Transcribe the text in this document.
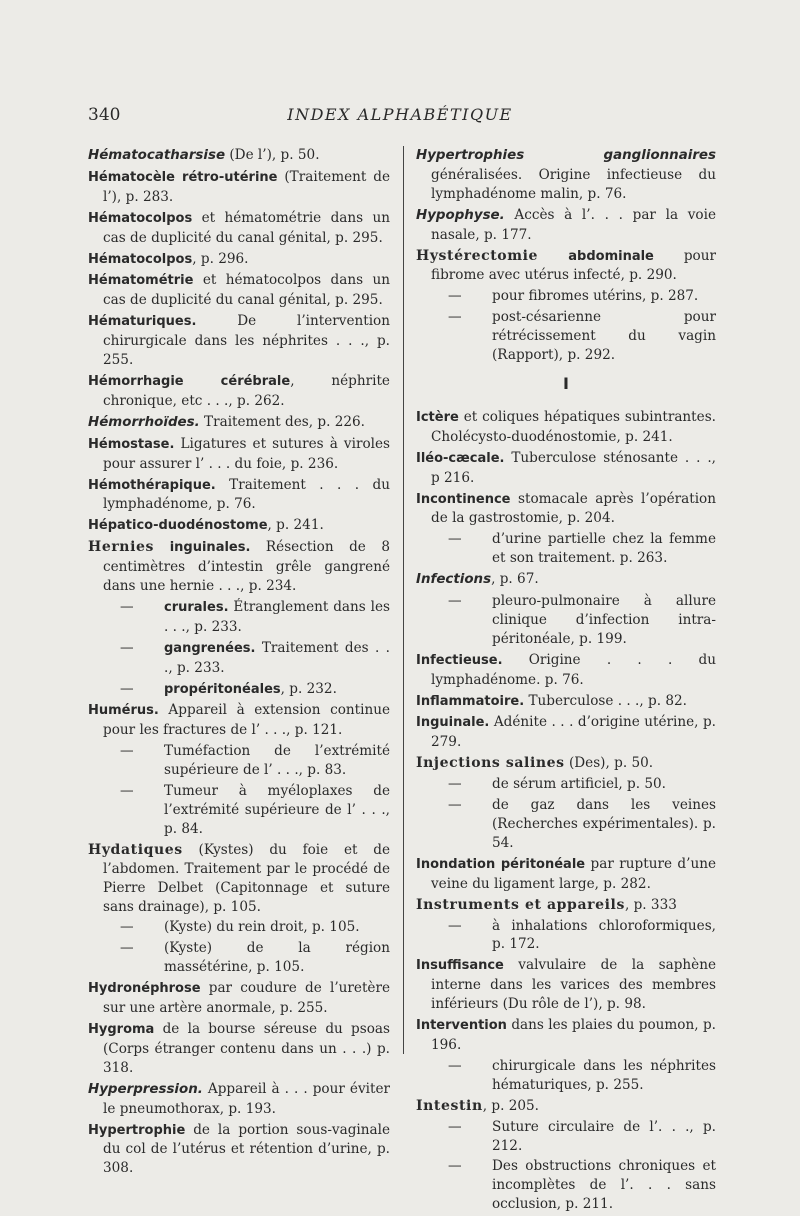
340	INDEX ALPHABÉTIQUE
Hématocatharsise (De l’), p. 50.
Hématocèle rétro-utérine (Traitement de l’), p. 283.
Hématocolpos et hématométrie dans un cas de duplicité du canal génital, p. 295.
Hématocolpos, p. 296.
Hématométrie et hématocolpos dans un cas de duplicité du canal génital, p. 295.
Hématuriques. De l’intervention chirurgicale dans les néphrites . . ., p. 255.
Hémorrhagie cérébrale, néphrite chronique, etc . . ., p. 262.
Hémorrhoïdes. Traitement des, p. 226.
Hémostase. Ligatures et sutures à viroles pour assurer l’ . . . du foie, p. 236.
Hémothérapique. Traitement . . . du lymphadénome, p. 76.
Hépatico-duodénostome, p. 241.
Hernies inguinales. Résection de 8 centimètres d’intestin grêle gangrené dans une hernie . . ., p. 234.
— crurales. Étranglement dans les . . ., p. 233.
— gangrenées. Traitement des . . ., p. 233.
— propéritonéales, p. 232.
Humérus. Appareil à extension continue pour les fractures de l’ . . ., p. 121.
— Tuméfaction de l’extrémité supérieure de l’ . . ., p. 83.
— Tumeur à myéloplaxes de l’extrémité supérieure de l’ . . ., p. 84.
Hydatiques (Kystes) du foie et de l’abdomen. Traitement par le procédé de Pierre Delbet (Capitonnage et suture sans drainage), p. 105.
— (Kyste) du rein droit, p. 105.
— (Kyste) de la région massétérine, p. 105.
Hydronéphrose par coudure de l’uretère sur une artère anormale, p. 255.
Hygroma de la bourse séreuse du psoas (Corps étranger contenu dans un . . .) p. 318.
Hyperpression. Appareil à . . . pour éviter le pneumothorax, p. 193.
Hypertrophie de la portion sous-vaginale du col de l’utérus et rétention d’urine, p. 308.
Hypertrophies ganglionnaires généralisées. Origine infectieuse du lymphadénome malin, p. 76.
Hypophyse. Accès à l’. . . par la voie nasale, p. 177.
Hystérectomie abdominale pour fibrome avec utérus infecté, p. 290.
— pour fibromes utérins, p. 287.
— post-césarienne pour rétrécissement du vagin (Rapport), p. 292.
I
Ictère et coliques hépatiques subintrantes. Cholécysto-duodénostomie, p. 241.
Iléo-cæcale. Tuberculose sténosante . . ., p 216.
Incontinence stomacale après l’opération de la gastrostomie, p. 204.
— d’urine partielle chez la femme et son traitement. p. 263.
Infections, p. 67.
— pleuro-pulmonaire à allure clinique d’infection intra-péritonéale, p. 199.
Infectieuse. Origine . . . du lymphadénome. p. 76.
Inflammatoire. Tuberculose . . ., p. 82.
Inguinale. Adénite . . . d’origine utérine, p. 279.
Injections salines (Des), p. 50.
— de sérum artificiel, p. 50.
— de gaz dans les veines (Recherches expérimentales). p. 54.
Inondation péritonéale par rupture d’une veine du ligament large, p. 282.
Instruments et appareils, p. 333
— à inhalations chloroformiques, p. 172.
Insuffisance valvulaire de la saphène interne dans les varices des membres inférieurs (Du rôle de l’), p. 98.
Intervention dans les plaies du poumon, p. 196.
— chirurgicale dans les néphrites hématuriques, p. 255.
Intestin, p. 205.
— Suture circulaire de l’. . ., p. 212.
— Des obstructions chroniques et incomplètes de l’. . . sans occlusion, p. 211.
